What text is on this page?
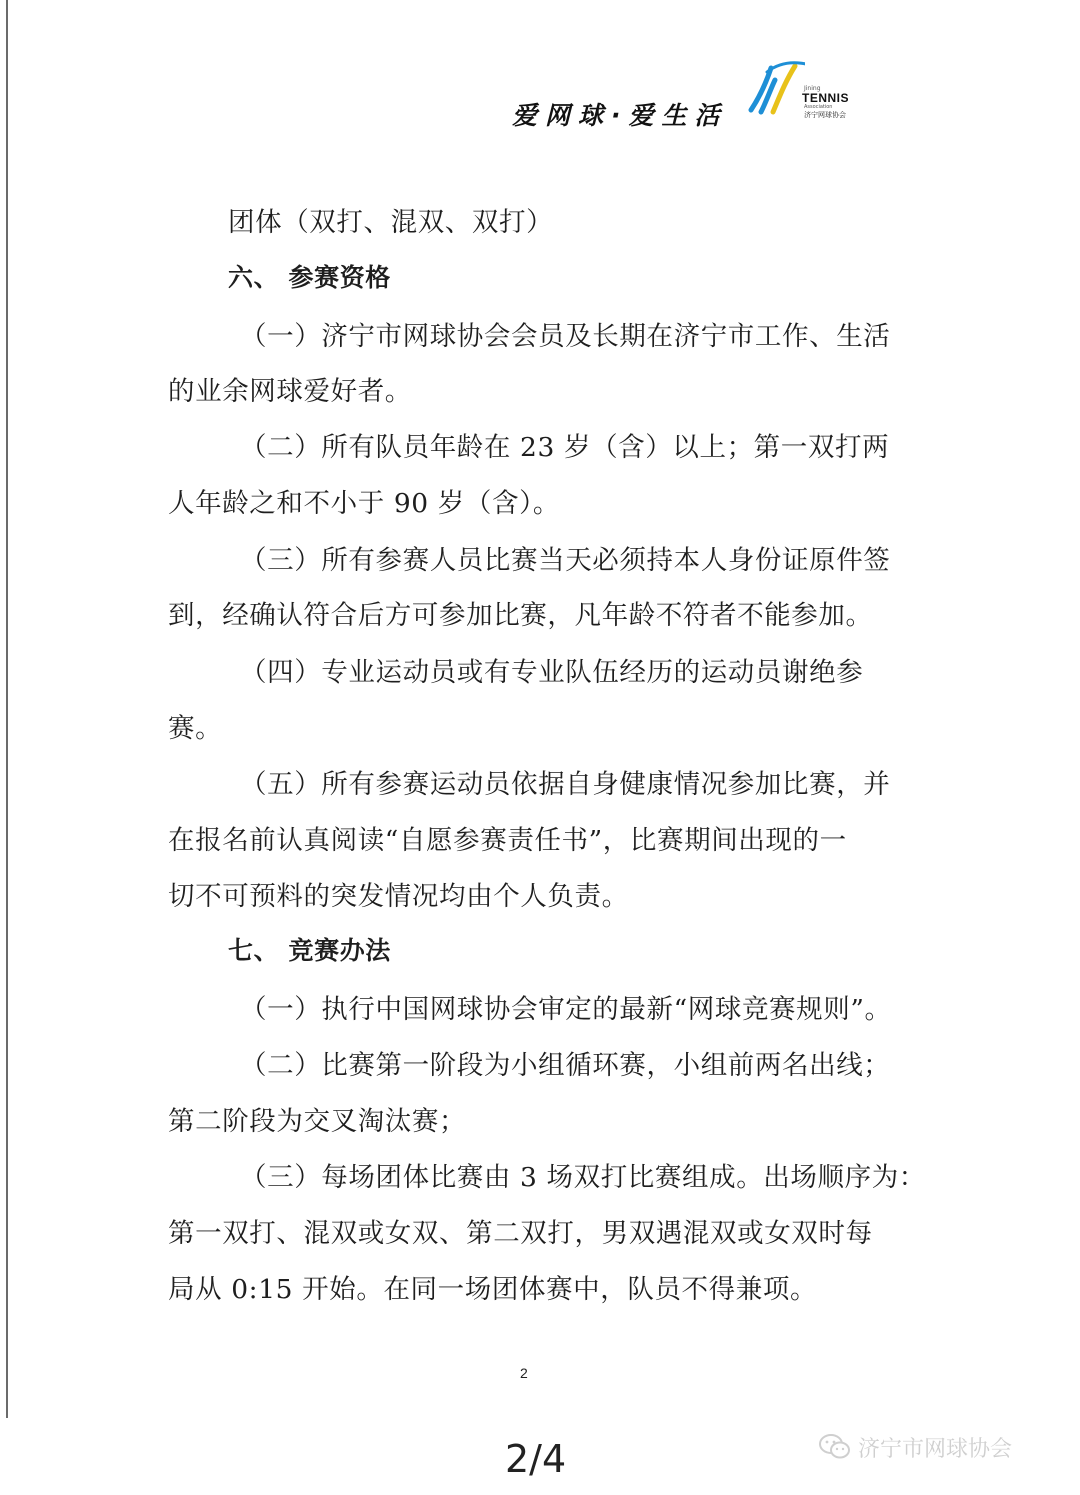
爱网球·爱生活
Jining
TENNIS
Association
济宁网球协会
团体（双打、混双、双打）
六、 参赛资格
（一）济宁市网球协会会员及长期在济宁市工作、生活
的业余网球爱好者。
（二）所有队员年龄在 23 岁（含）以上；第一双打两
人年龄之和不小于 90 岁（含）。
（三）所有参赛人员比赛当天必须持本人身份证原件签
到，经确认符合后方可参加比赛，凡年龄不符者不能参加。
（四）专业运动员或有专业队伍经历的运动员谢绝参
赛。
（五）所有参赛运动员依据自身健康情况参加比赛，并
在报名前认真阅读“自愿参赛责任书”，比赛期间出现的一
切不可预料的突发情况均由个人负责。
七、 竞赛办法
（一）执行中国网球协会审定的最新“网球竞赛规则”。
（二）比赛第一阶段为小组循环赛，小组前两名出线；
第二阶段为交叉淘汰赛；
（三）每场团体比赛由 3 场双打比赛组成。出场顺序为：
第一双打、混双或女双、第二双打，男双遇混双或女双时每
局从 0:15 开始。在同一场团体赛中，队员不得兼项。
2
2/4	济宁市网球协会
